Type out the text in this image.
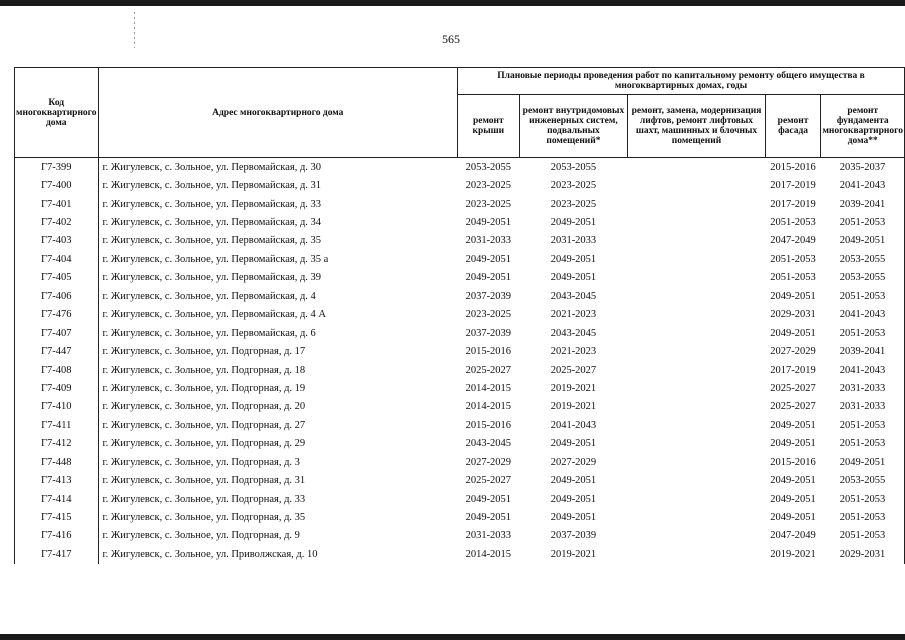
565
Код многоквартирного дома	Адрес многоквартирного дома	Плановые периоды проведения работ по капитальному ремонту общего имущества в многоквартирных домах, годы				
		ремонт крыши	ремонт внутридомовых инженерных систем, подвальных помещений*	ремонт, замена, модернизация лифтов, ремонт лифтовых шахт, машинных и блочных помещений	ремонт фасада	ремонт фундамента многоквартирного дома**
Г7-399	г. Жигулевск, с. Зольное, ул. Первомайская, д. 30	2053-2055	2053-2055		2015-2016	2035-2037
Г7-400	г. Жигулевск, с. Зольное, ул. Первомайская, д. 31	2023-2025	2023-2025		2017-2019	2041-2043
Г7-401	г. Жигулевск, с. Зольное, ул. Первомайская, д. 33	2023-2025	2023-2025		2017-2019	2039-2041
Г7-402	г. Жигулевск, с. Зольное, ул. Первомайская, д. 34	2049-2051	2049-2051		2051-2053	2051-2053
Г7-403	г. Жигулевск, с. Зольное, ул. Первомайская, д. 35	2031-2033	2031-2033		2047-2049	2049-2051
Г7-404	г. Жигулевск, с. Зольное, ул. Первомайская, д. 35 а	2049-2051	2049-2051		2051-2053	2053-2055
Г7-405	г. Жигулевск, с. Зольное, ул. Первомайская, д. 39	2049-2051	2049-2051		2051-2053	2053-2055
Г7-406	г. Жигулевск, с. Зольное, ул. Первомайская, д. 4	2037-2039	2043-2045		2049-2051	2051-2053
Г7-476	г. Жигулевск, с. Зольное, ул. Первомайская, д. 4 А	2023-2025	2021-2023		2029-2031	2041-2043
Г7-407	г. Жигулевск, с. Зольное, ул. Первомайская, д. 6	2037-2039	2043-2045		2049-2051	2051-2053
Г7-447	г. Жигулевск, с. Зольное, ул. Подгорная, д. 17	2015-2016	2021-2023		2027-2029	2039-2041
Г7-408	г. Жигулевск, с. Зольное, ул. Подгорная, д. 18	2025-2027	2025-2027		2017-2019	2041-2043
Г7-409	г. Жигулевск, с. Зольное, ул. Подгорная, д. 19	2014-2015	2019-2021		2025-2027	2031-2033
Г7-410	г. Жигулевск, с. Зольное, ул. Подгорная, д. 20	2014-2015	2019-2021		2025-2027	2031-2033
Г7-411	г. Жигулевск, с. Зольное, ул. Подгорная, д. 27	2015-2016	2041-2043		2049-2051	2051-2053
Г7-412	г. Жигулевск, с. Зольное, ул. Подгорная, д. 29	2043-2045	2049-2051		2049-2051	2051-2053
Г7-448	г. Жигулевск, с. Зольное, ул. Подгорная, д. 3	2027-2029	2027-2029		2015-2016	2049-2051
Г7-413	г. Жигулевск, с. Зольное, ул. Подгорная, д. 31	2025-2027	2049-2051		2049-2051	2053-2055
Г7-414	г. Жигулевск, с. Зольное, ул. Подгорная, д. 33	2049-2051	2049-2051		2049-2051	2051-2053
Г7-415	г. Жигулевск, с. Зольное, ул. Подгорная, д. 35	2049-2051	2049-2051		2049-2051	2051-2053
Г7-416	г. Жигулевск, с. Зольное, ул. Подгорная, д. 9	2031-2033	2037-2039		2047-2049	2051-2053
Г7-417	г. Жигулевск, с. Зольное, ул. Приволжская, д. 10	2014-2015	2019-2021		2019-2021	2029-2031
